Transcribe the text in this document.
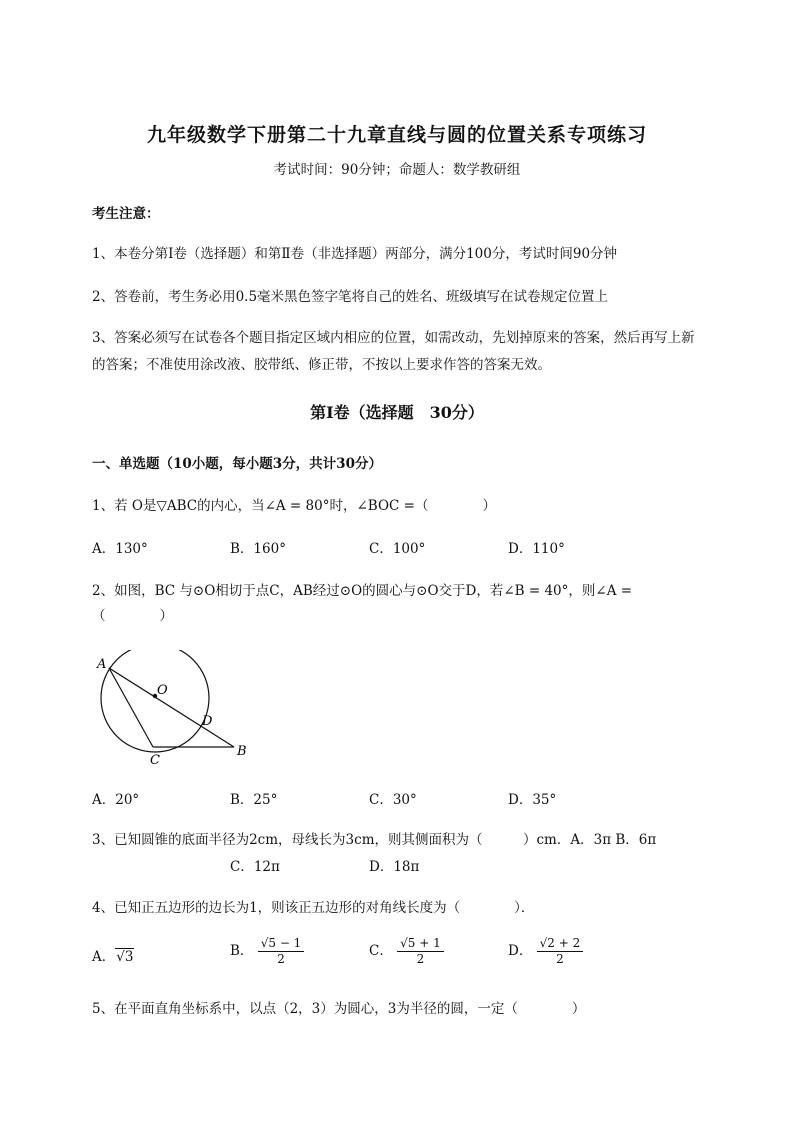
九年级数学下册第二十九章直线与圆的位置关系专项练习
考试时间：90分钟；命题人：数学教研组
考生注意：
1、本卷分第I卷（选择题）和第Ⅱ卷（非选择题）两部分，满分100分，考试时间90分钟
2、答卷前，考生务必用0.5毫米黑色签字笔将自己的姓名、班级填写在试卷规定位置上
3、答案必须写在试卷各个题目指定区域内相应的位置，如需改动，先划掉原来的答案，然后再写上新
的答案；不准使用涂改液、胶带纸、修正带，不按以上要求作答的答案无效。
第I卷（选择题　30分）
一、单选题（10小题，每小题3分，共计30分）
1、若 O是▽ABC的内心，当∠A = 80°时，∠BOC =（　　　　）
A．130°	B．160°	C．100°	D．110°
2、如图，BC 与⊙O相切于点C，AB经过⊙O的圆心与⊙O交于D，若∠B = 40°，则∠A =
（　　　　）
A
O
D
C
B
A．20°	B．25°	C．30°	D．35°
3、已知圆锥的底面半径为2cm，母线长为3cm，则其侧面积为（　　　）cm．A．3π B．6π
C．12π	D．18π
4、已知正五边形的边长为1，则该正五边形的对角线长度为（　　　　）．
A．√3	B． $\frac{√5 - 1}{2}$	C． $\frac{√5 + 1}{2}$	D． $\frac{√2 + 2}{2}$
5、在平面直角坐标系中，以点（2，3）为圆心，3为半径的圆，一定（　　　　）
